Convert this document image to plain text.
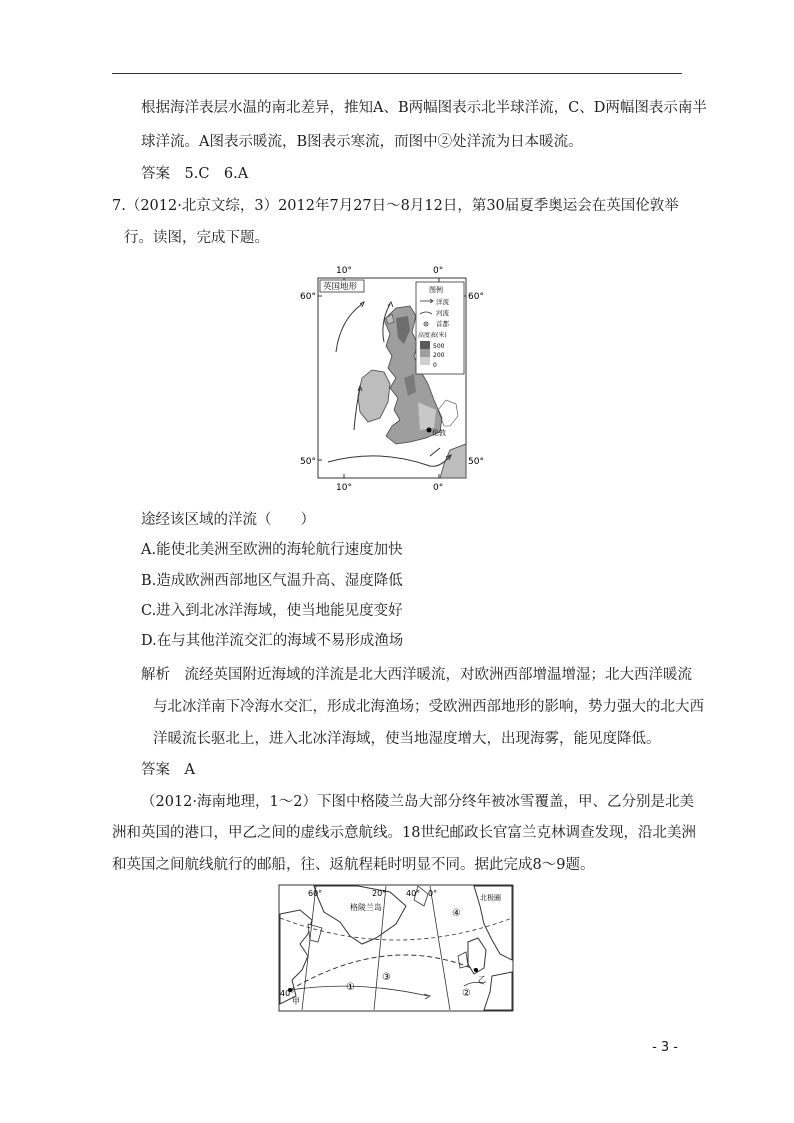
根据海洋表层水温的南北差异，推知A、B两幅图表示北半球洋流，C、D两幅图表示南半
球洋流。A图表示暖流，B图表示寒流，而图中②处洋流为日本暖流。
答案　5.C　6.A
7.（2012·北京文综，3）2012年7月27日～8月12日，第30届夏季奥运会在英国伦敦举
行。读图，完成下题。
10°	0°
10°	0°
60°	60°
50°	50°
英国地形
伦敦
图例
洋流
河流
首都
高度表(米)
500
200
0
途经该区域的洋流（　　）
A.能使北美洲至欧洲的海轮航行速度加快
B.造成欧洲西部地区气温升高、湿度降低
C.进入到北冰洋海域，使当地能见度变好
D.在与其他洋流交汇的海域不易形成渔场
解析　流经英国附近海域的洋流是北大西洋暖流，对欧洲西部增温增湿；北大西洋暖流
与北冰洋南下冷海水交汇，形成北海渔场；受欧洲西部地形的影响，势力强大的北大西
洋暖流长驱北上，进入北冰洋海域，使当地湿度增大，出现海雾，能见度降低。
答案　A
（2012·海南地理，1～2）下图中格陵兰岛大部分终年被冰雪覆盖，甲、乙分别是北美
洲和英国的港口，甲乙之间的虚线示意航线。18世纪邮政长官富兰克林调查发现，沿北美洲
和英国之间航线航行的邮船，往、返航程耗时明显不同。据此完成8～9题。
60°	20° 40° 0°
40°
格陵兰岛
北极圈
甲
乙
①
②
③
④
- 3 -
